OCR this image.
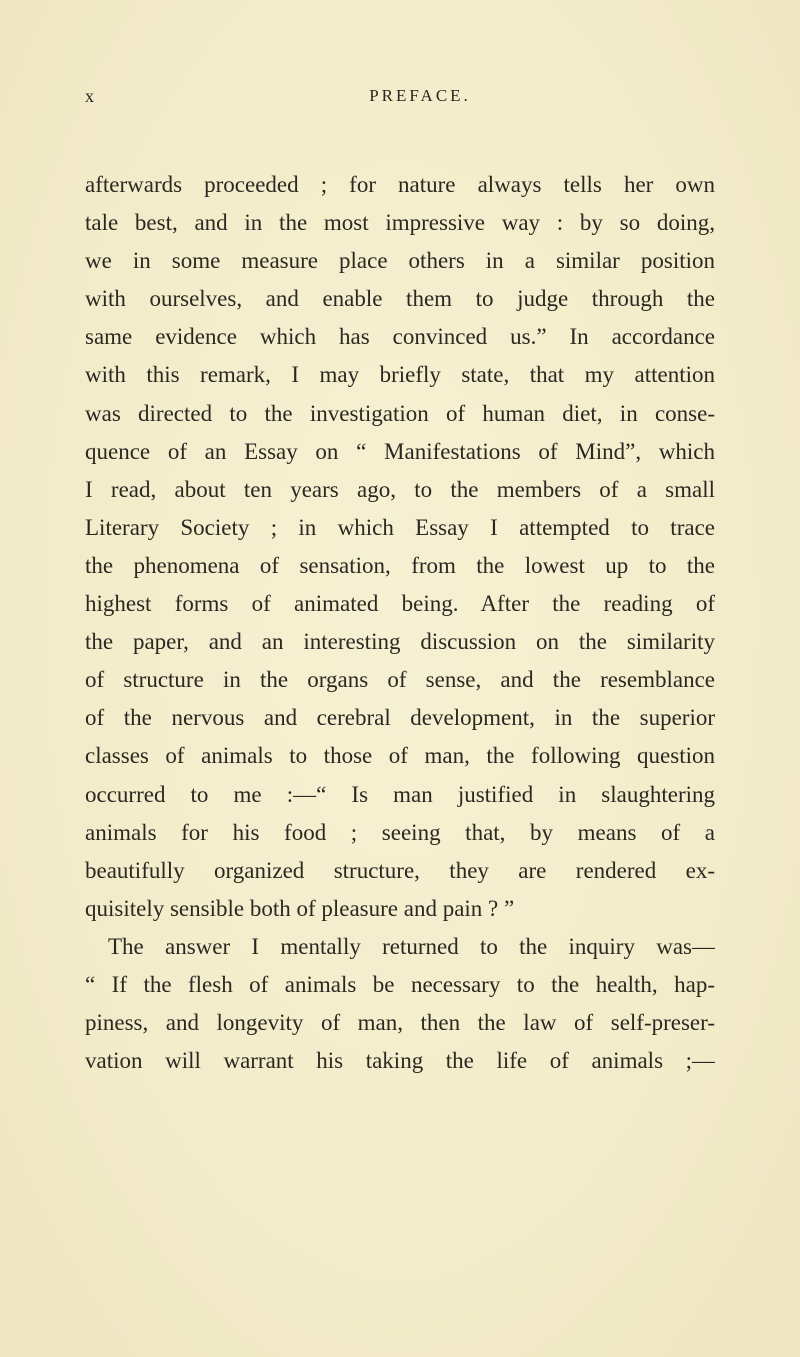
x	PREFACE.
afterwards proceeded ; for nature always tells her own
tale best, and in the most impressive way : by so doing,
we in some measure place others in a similar position
with ourselves, and enable them to judge through the
same evidence which has convinced us.” In accordance
with this remark, I may briefly state, that my attention
was directed to the investigation of human diet, in conse-
quence of an Essay on “ Manifestations of Mind”, which
I read, about ten years ago, to the members of a small
Literary Society ; in which Essay I attempted to trace
the phenomena of sensation, from the lowest up to the
highest forms of animated being. After the reading of
the paper, and an interesting discussion on the similarity
of structure in the organs of sense, and the resemblance
of the nervous and cerebral development, in the superior
classes of animals to those of man, the following question
occurred to me :—“ Is man justified in slaughtering
animals for his food ; seeing that, by means of a
beautifully organized structure, they are rendered ex-
quisitely sensible both of pleasure and pain ? ”
The answer I mentally returned to the inquiry was—
“ If the flesh of animals be necessary to the health, hap-
piness, and longevity of man, then the law of self-preser-
vation will warrant his taking the life of animals ;—
